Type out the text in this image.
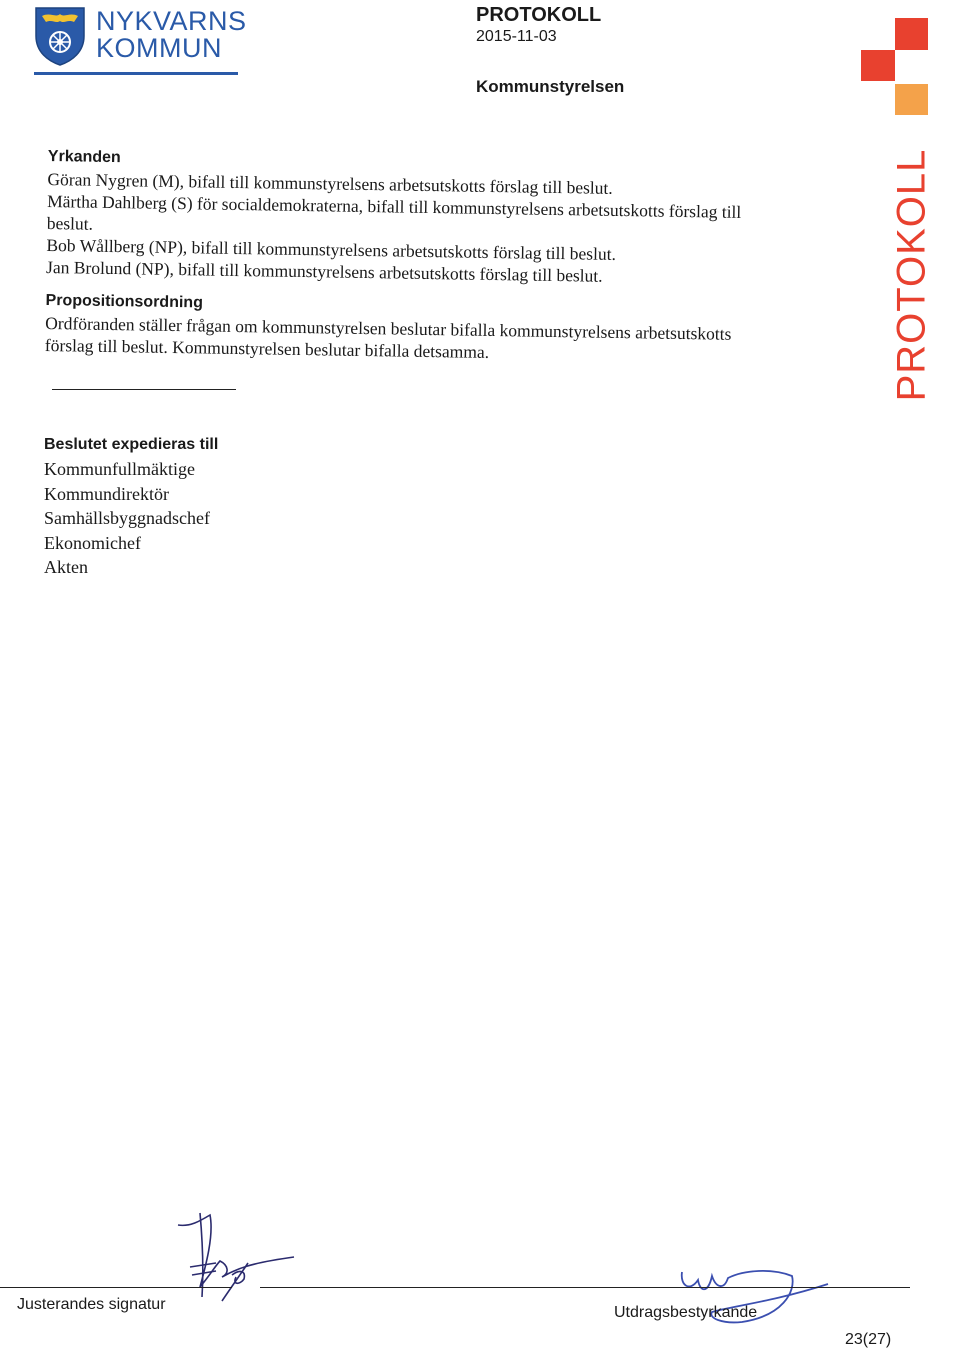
NYKVARNS
KOMMUN
PROTOKOLL
2015-11-03
Kommunstyrelsen
PROTOKOLL
Yrkanden

Göran Nygren (M), bifall till kommunstyrelsens arbetsutskotts förslag till beslut.

Märtha Dahlberg (S) för socialdemokraterna, bifall till kommunstyrelsens arbetsutskotts förslag till beslut.

Bob Wållberg (NP), bifall till kommunstyrelsens arbetsutskotts förslag till beslut.

Jan Brolund (NP), bifall till kommunstyrelsens arbetsutskotts förslag till beslut.

Propositionsordning

Ordföranden ställer frågan om kommunstyrelsen beslutar bifalla kommunstyrelsens arbetsutskotts förslag till beslut. Kommunstyrelsen beslutar bifalla detsamma.

Beslutet expedieras till
Kommunfullmäktige
Kommundirektör
Samhällsbyggnadschef
Ekonomichef
Akten
Justerandes signatur	Utdragsbestyrkande
23(27)
